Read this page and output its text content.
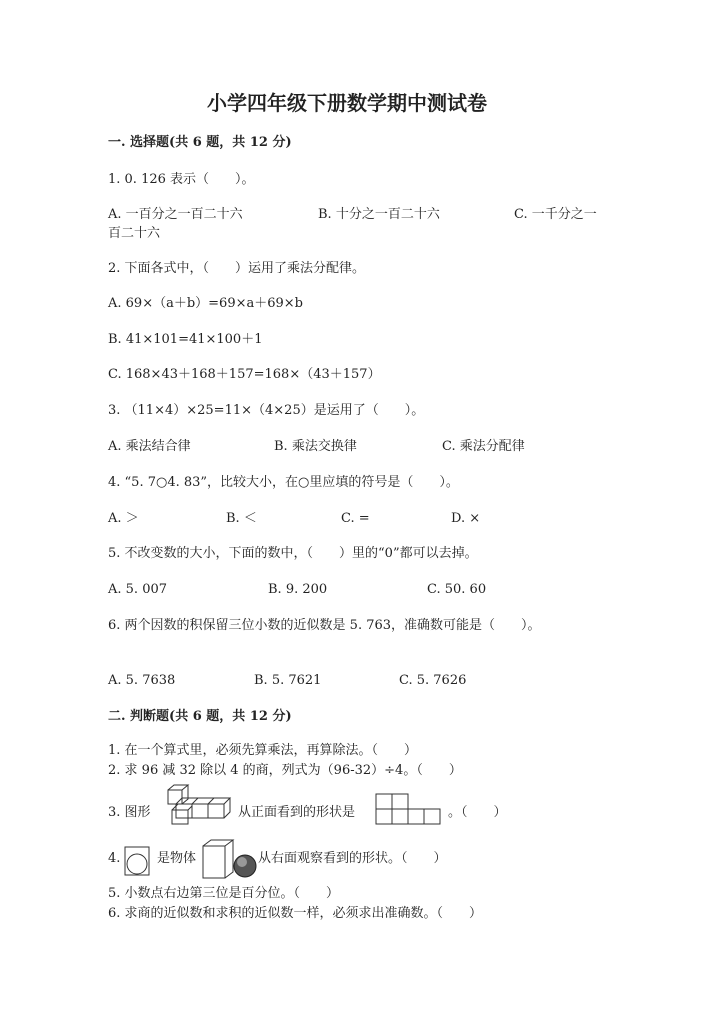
小学四年级下册数学期中测试卷
一. 选择题(共 6 题，共 12 分)
1. 0. 126 表示（　　）。
A. 一百分之一百二十六	B. 十分之一百二十六	C. 一千分之一
百二十六
2. 下面各式中，（　　）运用了乘法分配律。
A. 69×（a＋b）=69×a＋69×b
B. 41×101=41×100＋1
C. 168×43＋168＋157=168×（43＋157）
3. （11×4）×25=11×（4×25）是运用了（　　）。
A. 乘法结合律	B. 乘法交换律	C. 乘法分配律
4. “5. 7○4. 83”，比较大小，在○里应填的符号是（　　）。
A. ＞	B. ＜	C. =	D. ×
5. 不改变数的大小，下面的数中，（　　）里的“0”都可以去掉。
A. 5. 007	B. 9. 200	C. 50. 60
6. 两个因数的积保留三位小数的近似数是 5. 763，准确数可能是（　　）。
A. 5. 7638	B. 5. 7621	C. 5. 7626
二. 判断题(共 6 题，共 12 分)
1. 在一个算式里，必须先算乘法，再算除法。（　　）
2. 求 96 减 32 除以 4 的商，列式为（96-32）÷4。（　　）
3. 图形	从正面看到的形状是	。（　　）
4.	是物体	从右面观察看到的形状。（　　）
5. 小数点右边第三位是百分位。（　　）
6. 求商的近似数和求积的近似数一样，必须求出准确数。（　　）
